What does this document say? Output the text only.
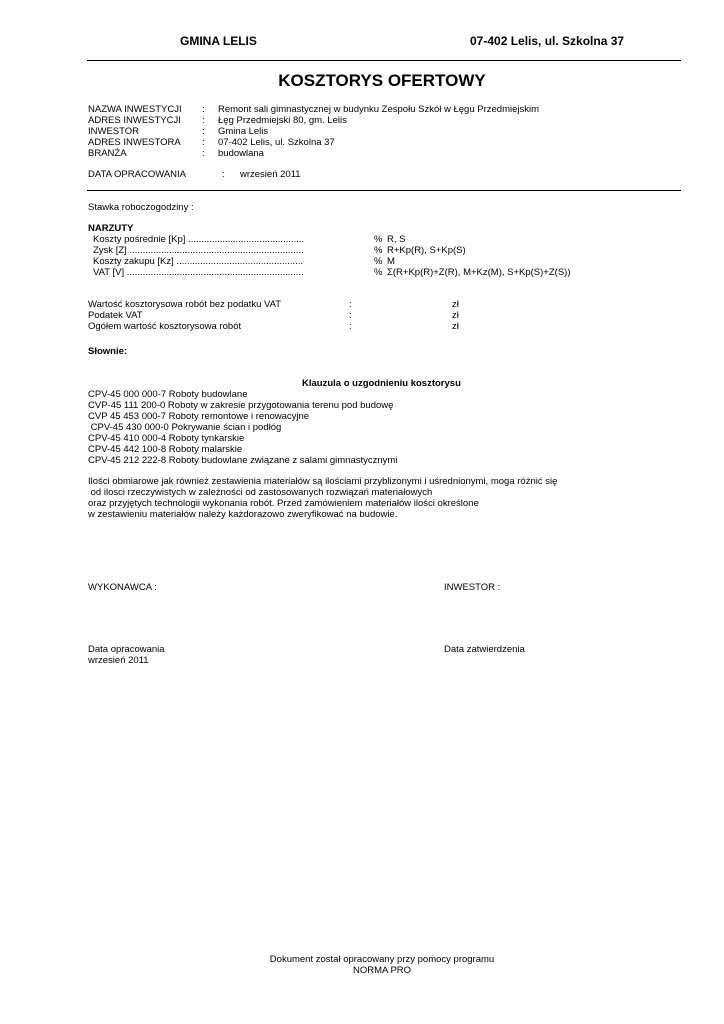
GMINA LELIS	07-402 Lelis, ul. Szkolna 37
KOSZTORYS OFERTOWY
NAZWA INWESTYCJI : Remont sali gimnastycznej w budynku Zespołu Szkół w Łęgu Przedmiejskim
ADRES INWESTYCJI : Łęg Przedmiejski 80, gm. Lelis
INWESTOR	: Gmina Lelis
ADRES INWESTORA : 07-402 Lelis, ul. Szkolna 37
BRANŻA	: budowlana
DATA OPRACOWANIA	: wrzesień 2011
Stawka roboczogodziny :
NARZUTY
Koszty pośrednie [Kp] ............................................	% R, S
Zysk [Z] ..................................................................	% R+Kp(R), S+Kp(S)
Koszty zakupu [Kz] ................................................	% M
VAT [V] ...................................................................	% Σ(R+Kp(R)+Z(R), M+Kz(M), S+Kp(S)+Z(S))
Wartość kosztorysowa robót bez podatku VAT	:	zł
Podatek VAT	:	zł
Ogółem wartość kosztorysowa robót	:	zł
Słownie:
Klauzula o uzgodnieniu kosztorysu
CPV-45 000 000-7 Roboty budowlane
CVP-45 111 200-0 Roboty w zakresie przygotowania terenu pod budowę
CVP 45 453 000-7 Roboty remontowe i renowacyjne
CPV-45 430 000-0 Pokrywanie ścian i podłóg
CPV-45 410 000-4 Roboty tynkarskie
CPV-45 442 100-8 Roboty malarskie
CPV-45 212 222-8 Roboty budowlane związane z salami gimnastycznymi
Ilości obmiarowe jak również zestawienia materiałów są ilościami przyblizonymi i uśrednionymi, moga różnić się
od ilosci rzeczywistych w zależności od zastosowanych rozwiązań materiałowych
oraz przyjętych technologii wykonania robót. Przed zamówieniem materiałów ilości określone
w zestawieniu materiałów należy każdorazowo zweryfikować na budowie.
WYKONAWCA :	INWESTOR :
Data opracowania
wrzesień 2011
Data zatwierdzenia
Dokument został opracowany przy pomocy programu
NORMA PRO
